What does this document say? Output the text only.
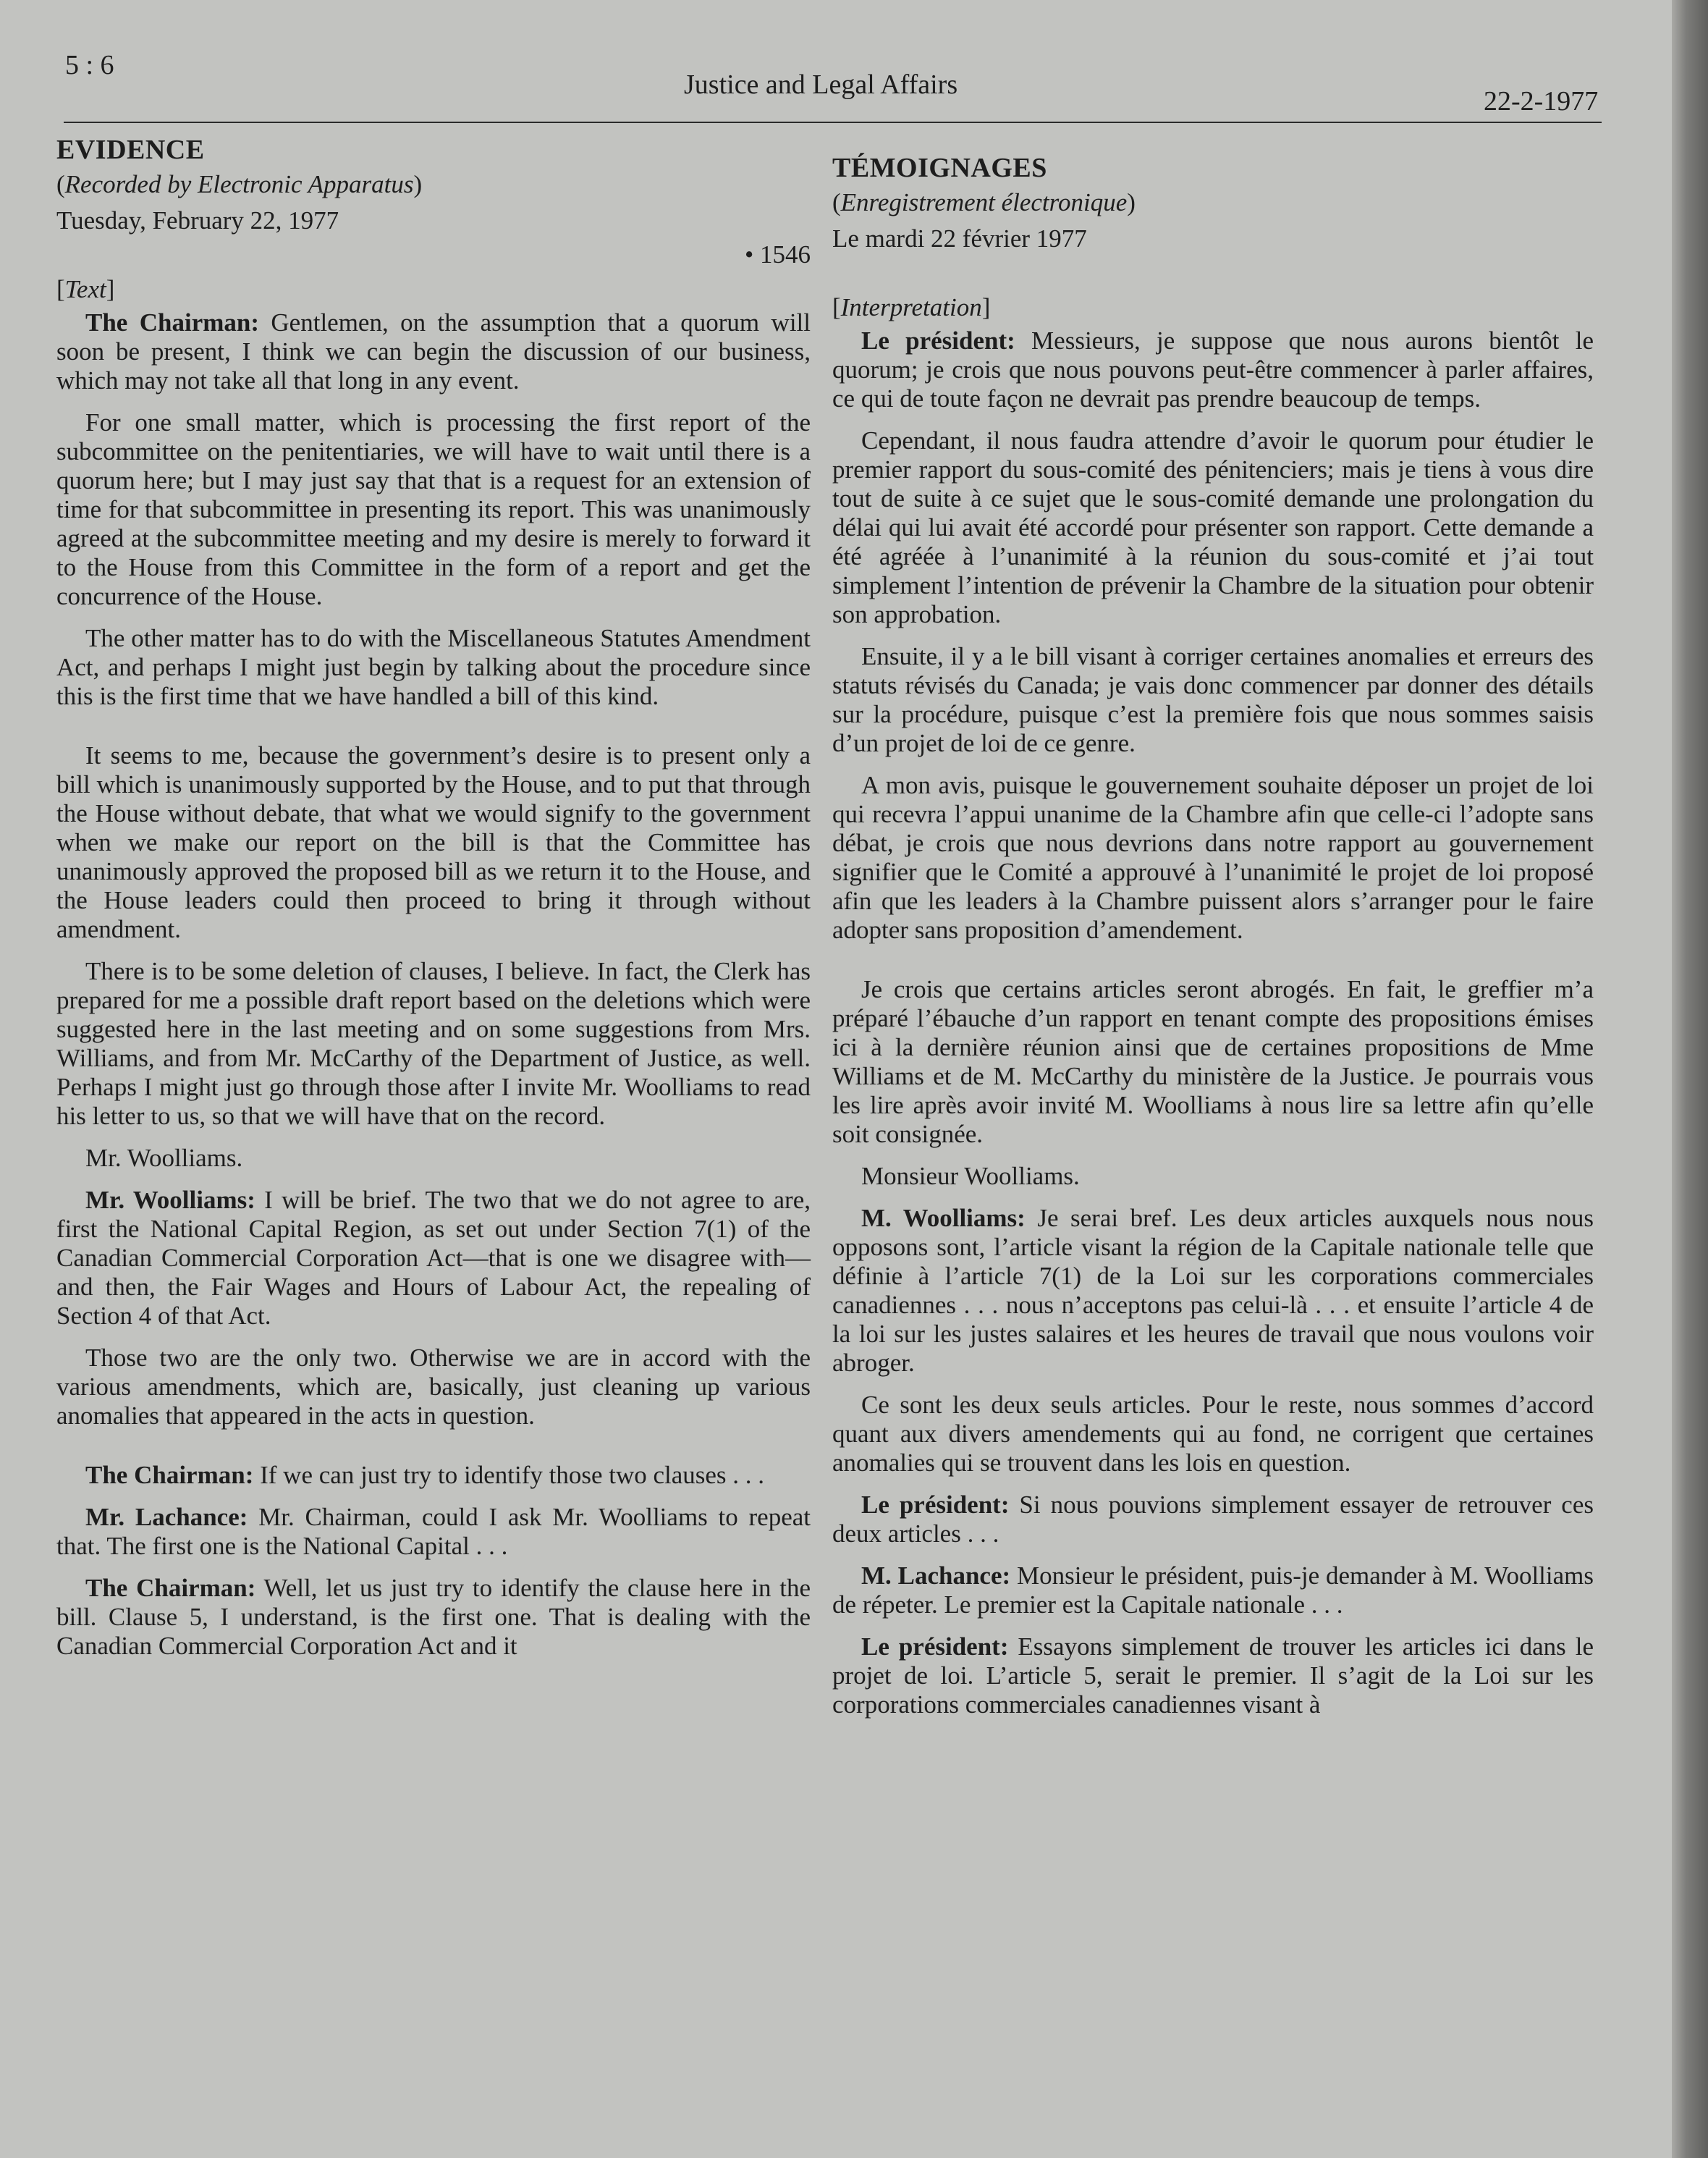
5 : 6
Justice and Legal Affairs
22-2-1977
EVIDENCE

(Recorded by Electronic Apparatus)

Tuesday, February 22, 1977

• 1546

[Text]

The Chairman: Gentlemen, on the assumption that a quorum will soon be present, I think we can begin the discussion of our business, which may not take all that long in any event.

For one small matter, which is processing the first report of the subcommittee on the penitentiaries, we will have to wait until there is a quorum here; but I may just say that that is a request for an extension of time for that subcommittee in presenting its report. This was unanimously agreed at the subcommittee meeting and my desire is merely to forward it to the House from this Committee in the form of a report and get the concurrence of the House.

The other matter has to do with the Miscellaneous Statutes Amendment Act, and perhaps I might just begin by talking about the procedure since this is the first time that we have handled a bill of this kind.

It seems to me, because the government’s desire is to present only a bill which is unanimously supported by the House, and to put that through the House without debate, that what we would signify to the government when we make our report on the bill is that the Committee has unanimously approved the proposed bill as we return it to the House, and the House leaders could then proceed to bring it through without amendment.

There is to be some deletion of clauses, I believe. In fact, the Clerk has prepared for me a possible draft report based on the deletions which were suggested here in the last meeting and on some suggestions from Mrs. Williams, and from Mr. McCarthy of the Department of Justice, as well. Perhaps I might just go through those after I invite Mr. Woolliams to read his letter to us, so that we will have that on the record.

Mr. Woolliams.

Mr. Woolliams: I will be brief. The two that we do not agree to are, first the National Capital Region, as set out under Section 7(1) of the Canadian Commercial Corporation Act—that is one we disagree with—and then, the Fair Wages and Hours of Labour Act, the repealing of Section 4 of that Act.

Those two are the only two. Otherwise we are in accord with the various amendments, which are, basically, just cleaning up various anomalies that appeared in the acts in question.

The Chairman: If we can just try to identify those two clauses . . .

Mr. Lachance: Mr. Chairman, could I ask Mr. Woolliams to repeat that. The first one is the National Capital . . .

The Chairman: Well, let us just try to identify the clause here in the bill. Clause 5, I understand, is the first one. That is dealing with the Canadian Commercial Corporation Act and it

TÉMOIGNAGES

(Enregistrement électronique)

Le mardi 22 février 1977

[Interpretation]

Le président: Messieurs, je suppose que nous aurons bientôt le quorum; je crois que nous pouvons peut-être commencer à parler affaires, ce qui de toute façon ne devrait pas prendre beaucoup de temps.

Cependant, il nous faudra attendre d’avoir le quorum pour étudier le premier rapport du sous-comité des pénitenciers; mais je tiens à vous dire tout de suite à ce sujet que le sous-comité demande une prolongation du délai qui lui avait été accordé pour présenter son rapport. Cette demande a été agréée à l’unanimité à la réunion du sous-comité et j’ai tout simplement l’intention de prévenir la Chambre de la situation pour obtenir son approbation.

Ensuite, il y a le bill visant à corriger certaines anomalies et erreurs des statuts révisés du Canada; je vais donc commencer par donner des détails sur la procédure, puisque c’est la première fois que nous sommes saisis d’un projet de loi de ce genre.

A mon avis, puisque le gouvernement souhaite déposer un projet de loi qui recevra l’appui unanime de la Chambre afin que celle-ci l’adopte sans débat, je crois que nous devrions dans notre rapport au gouvernement signifier que le Comité a approuvé à l’unanimité le projet de loi proposé afin que les leaders à la Chambre puissent alors s’arranger pour le faire adopter sans proposition d’amendement.

Je crois que certains articles seront abrogés. En fait, le greffier m’a préparé l’ébauche d’un rapport en tenant compte des propositions émises ici à la dernière réunion ainsi que de certaines propositions de Mme Williams et de M. McCarthy du ministère de la Justice. Je pourrais vous les lire après avoir invité M. Woolliams à nous lire sa lettre afin qu’elle soit consignée.

Monsieur Woolliams.

M. Woolliams: Je serai bref. Les deux articles auxquels nous nous opposons sont, l’article visant la région de la Capitale nationale telle que définie à l’article 7(1) de la Loi sur les corporations commerciales canadiennes . . . nous n’acceptons pas celui-là . . . et ensuite l’article 4 de la loi sur les justes salaires et les heures de travail que nous voulons voir abroger.

Ce sont les deux seuls articles. Pour le reste, nous sommes d’accord quant aux divers amendements qui au fond, ne corrigent que certaines anomalies qui se trouvent dans les lois en question.

Le président: Si nous pouvions simplement essayer de retrouver ces deux articles . . .

M. Lachance: Monsieur le président, puis-je demander à M. Woolliams de répeter. Le premier est la Capitale nationale . . .

Le président: Essayons simplement de trouver les articles ici dans le projet de loi. L’article 5, serait le premier. Il s’agit de la Loi sur les corporations commerciales canadiennes visant à
